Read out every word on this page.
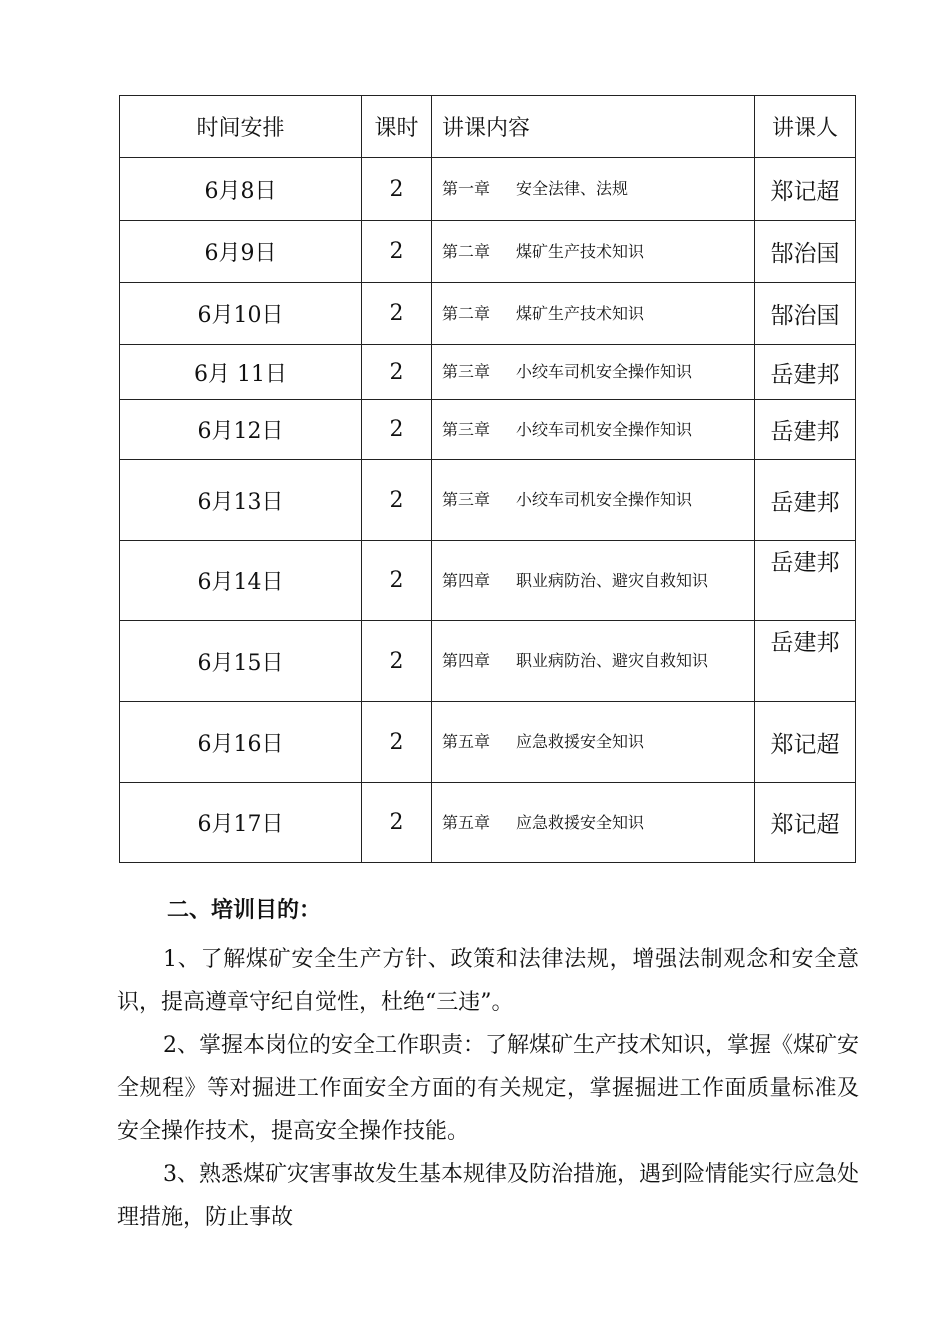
时间安排	课时	讲课内容	讲课人
6月8日	2	第一章 安全法律、法规	郑记超
6月9日	2	第二章 煤矿生产技术知识	郜治国
6月10日	2	第二章 煤矿生产技术知识	郜治国
6月 11日	2	第三章 小绞车司机安全操作知识	岳建邦
6月12日	2	第三章 小绞车司机安全操作知识	岳建邦
6月13日	2	第三章 小绞车司机安全操作知识	岳建邦
6月14日	2	第四章 职业病防治、避灾自救知识	岳建邦
6月15日	2	第四章 职业病防治、避灾自救知识	岳建邦
6月16日	2	第五章 应急救援安全知识	郑记超
6月17日	2	第五章 应急救援安全知识	郑记超
二、培训目的：

1、了解煤矿安全生产方针、政策和法律法规，增强法制观念和安全意识，提高遵章守纪自觉性，杜绝“三违”。

2、掌握本岗位的安全工作职责：了解煤矿生产技术知识，掌握《煤矿安全规程》等对掘进工作面安全方面的有关规定，掌握掘进工作面质量标准及安全操作技术，提高安全操作技能。

3、熟悉煤矿灾害事故发生基本规律及防治措施，遇到险情能实行应急处理措施，防止事故
